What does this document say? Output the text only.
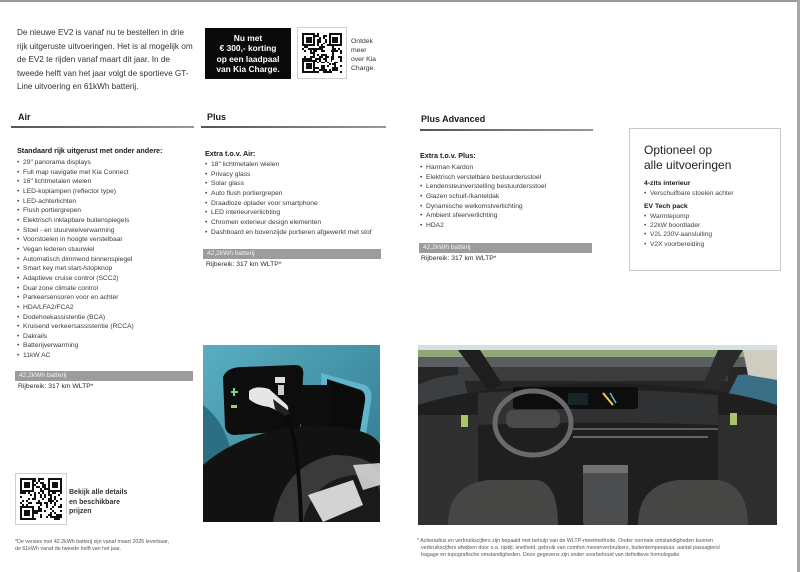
De nieuwe EV2 is vanaf nu te bestellen in drie rijk uitgeruste uitvoeringen. Het is al mogelijk om de EV2 te rijden vanaf maart dit jaar. In de tweede helft van het jaar volgt de sportieve GT-Line uitvoering en 61kWh batterij.

Nu met
€ 300,- korting
op een laadpaal
van Kia Charge.
Ontdek
meer
over Kia
Charge.
Air
Standaard rijk uitgerust met onder andere:
• 29" panorama displays
• Full map navigatie met Kia Connect
• 16" lichtmetalen wielen
• LED-koplampen (reflector type)
• LED-achterlichten
• Flush portiergrepen
• Elektrisch inklapbare buitenspiegels
• Stoel - en stuurwielverwarming
• Voorstoelen in hoogte verstelbaar
• Vegan lederen stuurwiel
• Automatisch dimmend binnenspiegel
• Smart key met start-/stopknop
• Adaptieve cruise control (SCC2)
• Dual zone climate control
• Parkeersensoren voor en achter
• HDA/LFA2/FCA2
• Dodehoekassistentie (BCA)
• Kruisend verkeersassistentie (RCCA)
• Dakrails
• Batterijverwarming
• 11kW AC
42,2kWh batterij
Rijbereik: 317 km WLTP*
Plus
Extra t.o.v. Air:
• 18" lichtmetalen wielen
• Privacy glass
• Solar glass
• Auto flush portiergrepen
• Draadloze oplader voor smartphone
• LED interieurverlichting
• Chromen exterieur design elementen
• Dashboard en bovenzijde portieren afgewerkt met stof
42,2kWh batterij
Rijbereik: 317 km WLTP*
Plus Advanced
Extra t.o.v. Plus:
• Harman Kardon
• Elektrisch verstelbare bestuurdersstoel
• Lendensteunverstelling bestuurdersstoel
• Glazen schuif-/kanteldak
• Dynamische welkomstverlichting
• Ambient sfeerverlichting
• HDA2
42,2kWh batterij
Rijbereik: 317 km WLTP*
Optioneel op
alle uitvoeringen
4-zits interieur
• Verschuifbare stoelen achter
EV Tech pack
• Warmtepomp
• 22kW boordlader
• V2L 230V-aansluiting
• V2X voorbereiding
Bekijk alle details
en beschikbare
prijzen
*De versies met 42,2kWh batterij zijn vanaf maart 2026 leverbaar,
de 61kWh vanaf de tweede helft van het jaar.
* Actieradius en verbruikscijfers zijn bepaald met behulp van de WLTP-meetmethode. Onder normale omstandigheden kunnen
verbruikscijfers afwijken door o.a. rijstijl, snelheid, gebruik van comfort-/nevenverbruikers, buitentemperatuur, aantal passagiers/
bagage en topografische omstandigheden. Deze gegevens zijn onder voorbehoud van definitieve homologatie.
